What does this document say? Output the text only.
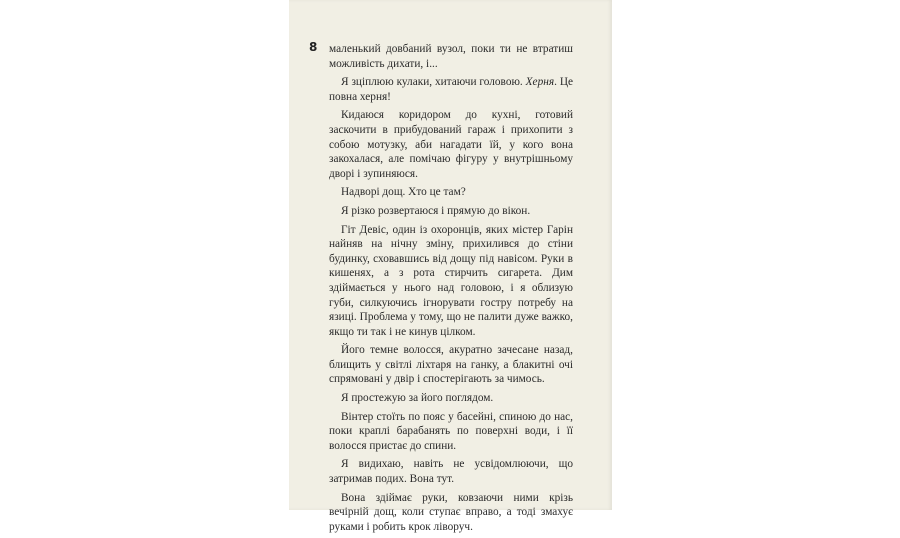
8 маленький довбаний вузол, поки ти не втратиш можливість дихати, і...

Я зціплюю кулаки, хитаючи головою. Херня. Це повна херня!

Кидаюся коридором до кухні, готовий заскочити в прибудований гараж і прихопити з собою мотузку, аби нагадати їй, у кого вона закохалася, але помічаю фігуру у внутрішньому дворі і зупиняюся.

Надворі дощ. Хто це там?

Я різко розвертаюся і прямую до вікон.

Гіт Девіс, один із охоронців, яких містер Гарін найняв на нічну зміну, прихилився до стіни будинку, сховавшись від дощу під навісом. Руки в кишенях, а з рота стирчить сигарета. Дим здіймається у нього над головою, і я облизую губи, силкуючись ігнорувати гостру потребу на язиці. Проблема у тому, що не палити дуже важко, якщо ти так і не кинув цілком.

Його темне волосся, акуратно зачесане назад, блищить у світлі ліхтаря на ганку, а блакитні очі спрямовані у двір і спостерігають за чимось.

Я простежую за його поглядом.

Вінтер стоїть по пояс у басейні, спиною до нас, поки краплі барабанять по поверхні води, і її волосся пристає до спини.

Я видихаю, навіть не усвідомлюючи, що затримав подих. Вона тут.

Вона здіймає руки, ковзаючи ними крізь вечірній дощ, коли ступає вправо, а тоді змахує руками і робить крок ліворуч.
